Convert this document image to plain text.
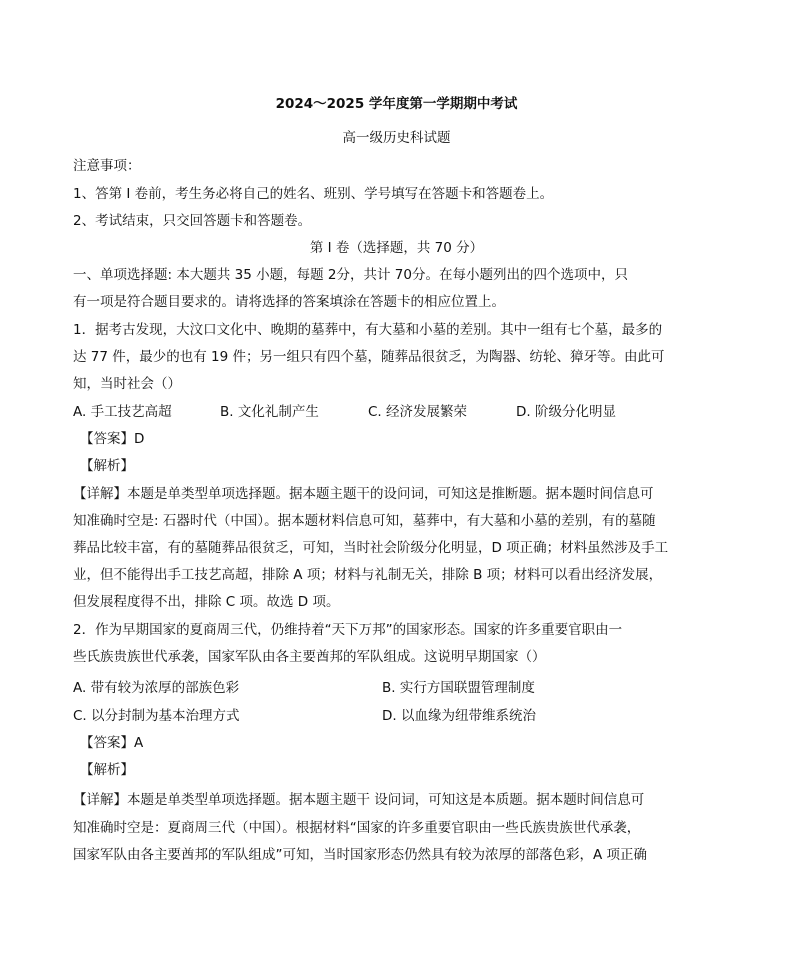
2024～2025 学年度第一学期期中考试
高一级历史科试题
注意事项：
1、答第 I 卷前，考生务必将自己的姓名、班别、学号填写在答题卡和答题卷上。
2、考试结束，只交回答题卡和答题卷。
第 I 卷（选择题，共 70 分）
一、单项选择题: 本大题共 35 小题，每题 2分，共计 70分。在每小题列出的四个选项中，只
有一项是符合题目要求的。请将选择的答案填涂在答题卡的相应位置上。
1．据考古发现，大汶口文化中、晚期的墓葬中，有大墓和小墓的差别。其中一组有七个墓，最多的
达 77 件，最少的也有 19 件；另一组只有四个墓，随葬品很贫乏，为陶器、纺轮、獐牙等。由此可
知，当时社会（）
A. 手工技艺高超	B. 文化礼制产生	C. 经济发展繁荣	D. 阶级分化明显
【答案】D
【解析】
【详解】本题是单类型单项选择题。据本题主题干的设问词，可知这是推断题。据本题时间信息可
知准确时空是: 石器时代（中国）。据本题材料信息可知，墓葬中，有大墓和小墓的差别，有的墓随
葬品比较丰富，有的墓随葬品很贫乏，可知，当时社会阶级分化明显，D 项正确；材料虽然涉及手工
业，但不能得出手工技艺高超，排除 A 项；材料与礼制无关，排除 B 项；材料可以看出经济发展，
但发展程度得不出，排除 C 项。故选 D 项。
2．作为早期国家的夏商周三代，仍维持着“天下万邦”的国家形态。国家的许多重要官职由一
些氏族贵族世代承袭，国家军队由各主要酋邦的军队组成。这说明早期国家（）
A. 带有较为浓厚的部族色彩	B. 实行方国联盟管理制度
C. 以分封制为基本治理方式	D. 以血缘为纽带维系统治
【答案】A
【解析】
【详解】本题是单类型单项选择题。据本题主题干 设问词，可知这是本质题。据本题时间信息可
知准确时空是：夏商周三代（中国）。根据材料“国家的许多重要官职由一些氏族贵族世代承袭，
国家军队由各主要酋邦的军队组成”可知，当时国家形态仍然具有较为浓厚的部落色彩，A 项正确
